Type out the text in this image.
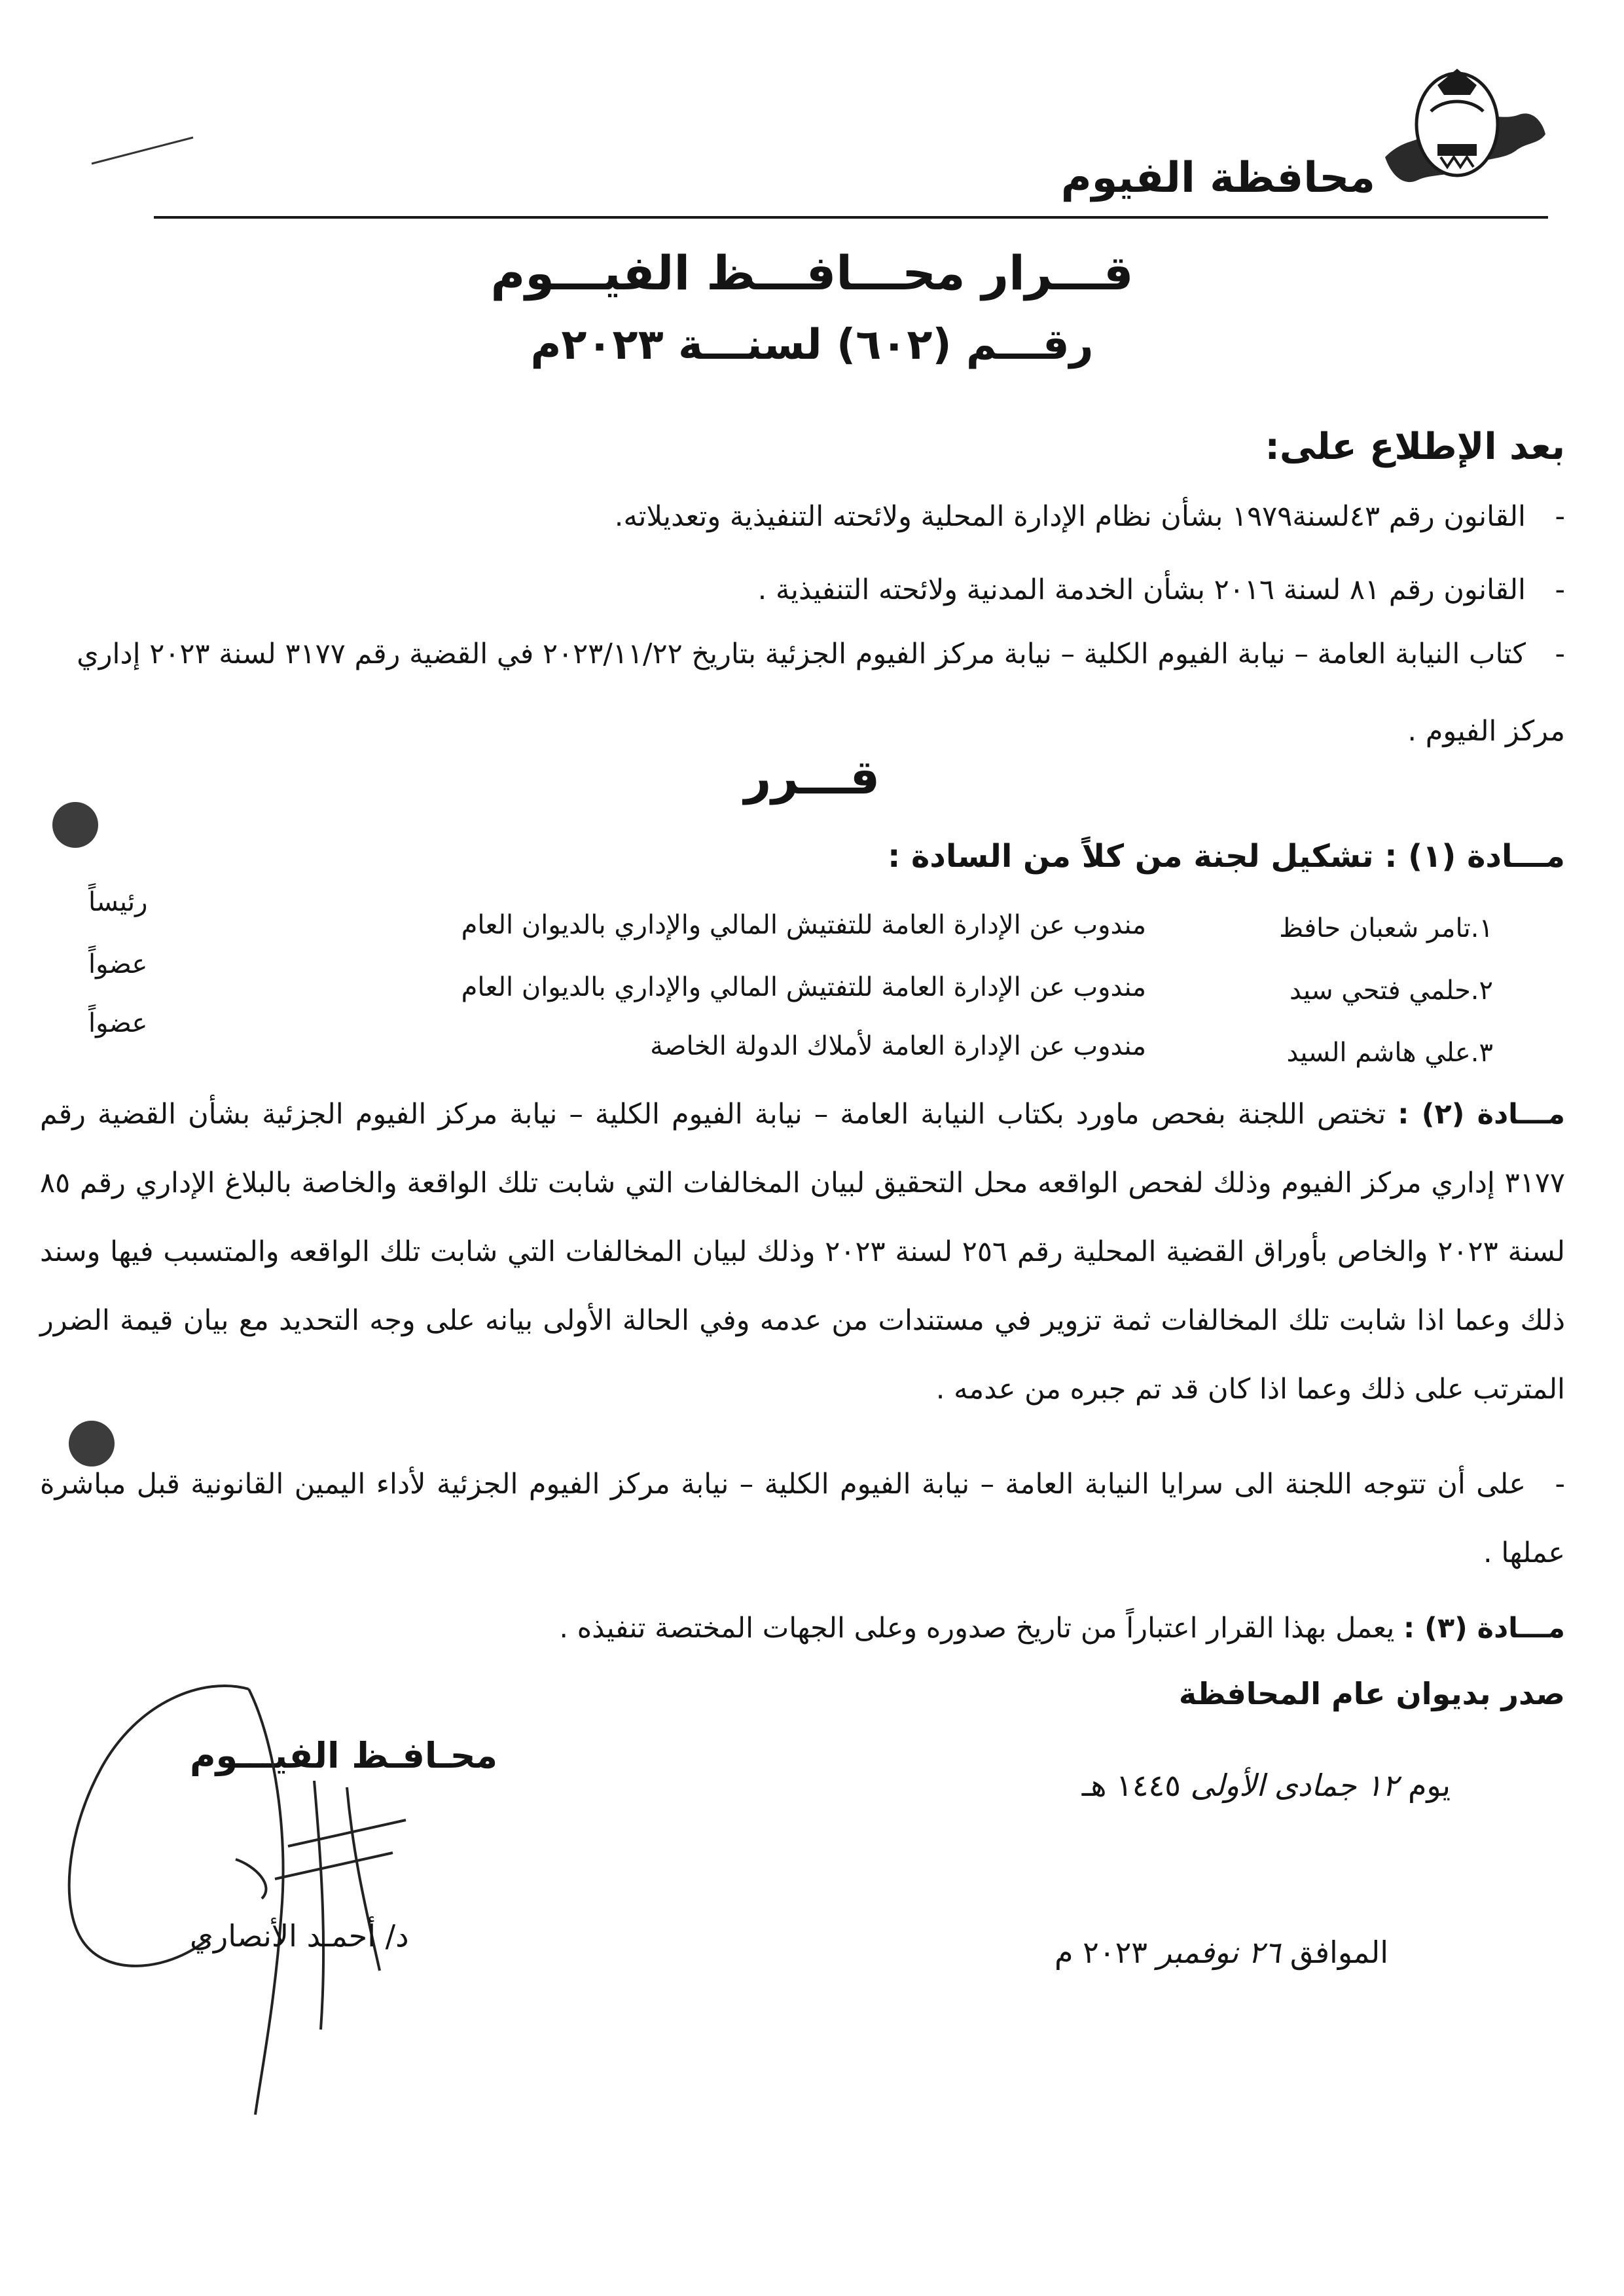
محافظة الفيوم
قـــرار محـــافـــظ الفيـــوم
رقـــم (٦٠٢) لسنـــة ٢٠٢٣م
بعد الإطلاع على:
-القانون رقم ٤٣لسنة١٩٧٩ بشأن نظام الإدارة المحلية ولائحته التنفيذية وتعديلاته.
-القانون رقم ٨١ لسنة ٢٠١٦ بشأن الخدمة المدنية ولائحته التنفيذية .
-كتاب النيابة العامة – نيابة الفيوم الكلية – نيابة مركز الفيوم الجزئية بتاريخ ٢٠٢٣/١١/٢٢ في القضية رقم ٣١٧٧ لسنة ٢٠٢٣ إداري مركز الفيوم .
قـــرر
مـــادة (١) : تشكيل لجنة من كلاً من السادة :
١.تامر شعبان حافظ
مندوب عن الإدارة العامة للتفتيش المالي والإداري بالديوان العام
رئيساً
٢.حلمي فتحي سيد
مندوب عن الإدارة العامة للتفتيش المالي والإداري بالديوان العام
عضواً
٣.علي هاشم السيد
مندوب عن الإدارة العامة لأملاك الدولة الخاصة
عضواً
مـــادة (٢) : تختص اللجنة بفحص ماورد بكتاب النيابة العامة – نيابة الفيوم الكلية – نيابة مركز الفيوم الجزئية بشأن القضية رقم ٣١٧٧ إداري مركز الفيوم وذلك لفحص الواقعه محل التحقيق لبيان المخالفات التي شابت تلك الواقعة والخاصة بالبلاغ الإداري رقم ٨٥ لسنة ٢٠٢٣ والخاص بأوراق القضية المحلية رقم ٢٥٦ لسنة ٢٠٢٣ وذلك لبيان المخالفات التي شابت تلك الواقعه والمتسبب فيها وسند ذلك وعما اذا شابت تلك المخالفات ثمة تزوير في مستندات من عدمه وفي الحالة الأولى بيانه على وجه التحديد مع بيان قيمة الضرر المترتب على ذلك وعما اذا كان قد تم جبره من عدمه .
-على أن تتوجه اللجنة الى سرايا النيابة العامة – نيابة الفيوم الكلية – نيابة مركز الفيوم الجزئية لأداء اليمين القانونية قبل مباشرة عملها .
مـــادة (٣) : يعمل بهذا القرار اعتباراً من تاريخ صدوره وعلى الجهات المختصة تنفيذه .
صدر بديوان عام المحافظة
يوم ١٢ جمادى الأولى ١٤٤٥ هـ
الموافق ٢٦ نوفمبر ٢٠٢٣ م
محـافـظ الفيـــوم
د/ أحمـد الأنصاري
